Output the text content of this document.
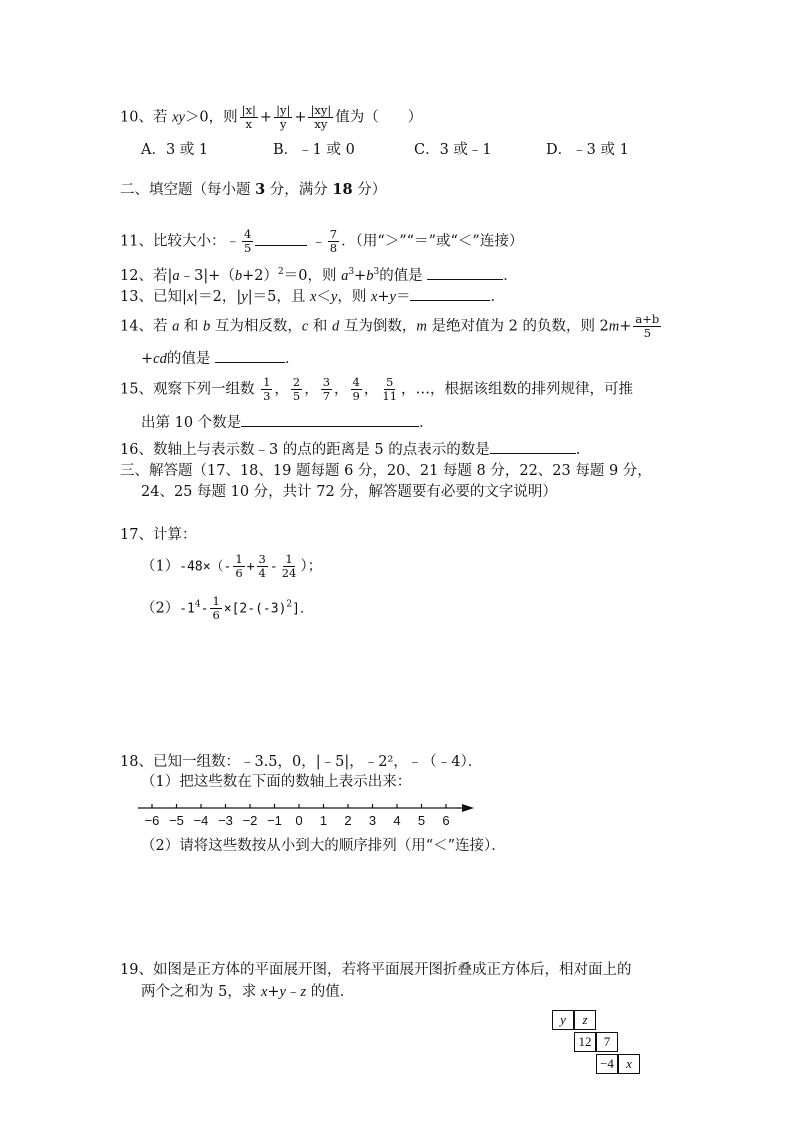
10、若 xy＞0，则 $\frac{|x|}{x} + \frac{|y|}{y} + \frac{|xy|}{xy}$ 值为（　　）
A．3 或 1	B．﹣1 或 0	C．3 或﹣1	D．﹣3 或 1
二、填空题（每小题 3 分，满分 18 分）
11、比较大小：﹣ $\frac{4}{5}$	﹣ $\frac{7}{8}$ ．（用“＞”“＝”或“＜”连接）
12、若$|a﹣3|+(b+2)^2=0$，则 $a^3+b^3$的值是	．
13、已知|x|＝2，|y|＝5，且 x＜y，则 x+y＝	．
14、若 a 和 b 互为相反数，c 和 d 互为倒数，m 是绝对值为 2 的负数，则 $2m+ \frac{a+b}{5}$
+cd的值是	．
15、观察下列一组数 $\frac{1}{3}$ ， $\frac{2}{5}$ ， $\frac{3}{7}$ ， $\frac{4}{9}$ ， $\frac{5}{11}$ ，…，根据该组数的排列规律，可推
出第 10 个数是	．
16、数轴上与表示数﹣3 的点的距离是 5 的点表示的数是	．
三、解答题（17、18、19 题每题 6 分，20、21 每题 8 分，22、23 每题 9 分，
24、25 每题 10 分，共计 72 分，解答题要有必要的文字说明）
17、计算：
$(1)-48\times(- \frac{1}{6} + \frac{3}{4} - \frac{1}{24}$ ）；
$(2)-1^4- \frac{1}{6} \times[2-(-3)^2]$．
18、已知一组数：﹣3.5，0，|﹣5|，﹣2²，﹣（﹣4）．
（1）把这些数在下面的数轴上表示出来：
−6 −5 −4 −3 −2 −1 0 1 2 3 4 5 6
（2）请将这些数按从小到大的顺序排列（用“＜”连接）．
19、如图是正方体的平面展开图，若将平面展开图折叠成正方体后，相对面上的
两个之和为 5，求 x+y﹣z 的值．
y	z
12 7
−4 x
